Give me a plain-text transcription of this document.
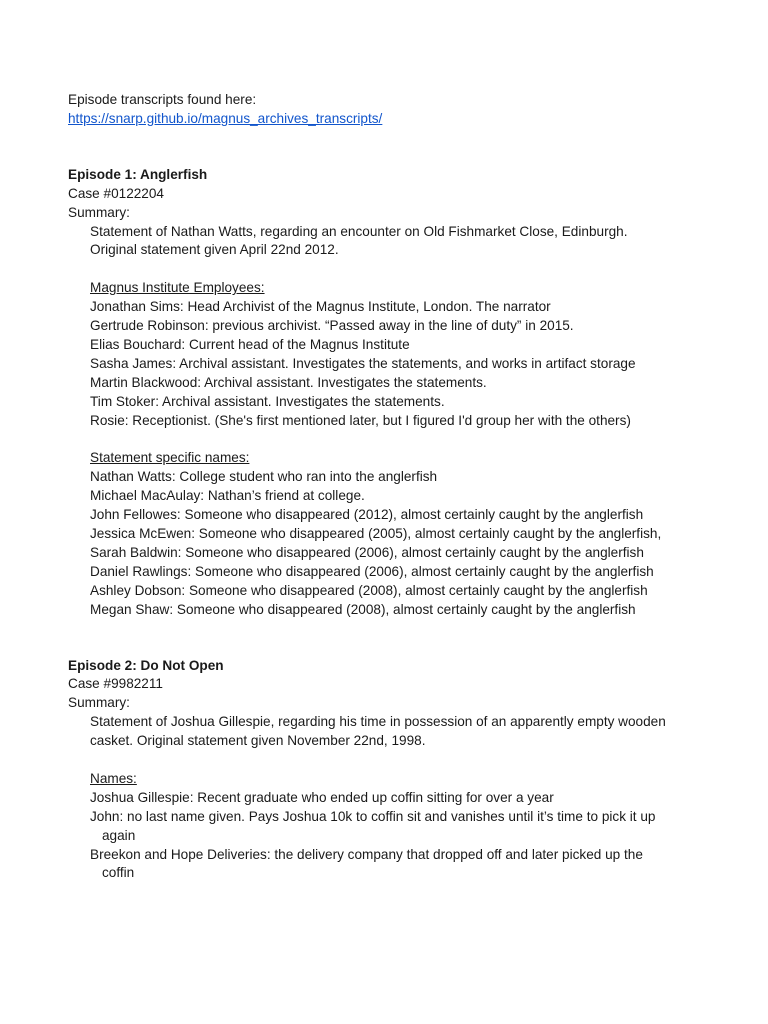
Episode transcripts found here:

https://snarp.github.io/magnus_archives_transcripts/

Episode 1: Anglerfish

Case #0122204

Summary:

Statement of Nathan Watts, regarding an encounter on Old Fishmarket Close, Edinburgh.

Original statement given April 22nd 2012.

Magnus Institute Employees:

Jonathan Sims: Head Archivist of the Magnus Institute, London. The narrator

Gertrude Robinson: previous archivist. “Passed away in the line of duty” in 2015.

Elias Bouchard: Current head of the Magnus Institute

Sasha James: Archival assistant. Investigates the statements, and works in artifact storage

Martin Blackwood: Archival assistant. Investigates the statements.

Tim Stoker: Archival assistant. Investigates the statements.

Rosie: Receptionist. (She's first mentioned later, but I figured I'd group her with the others)

Statement specific names:

Nathan Watts: College student who ran into the anglerfish

Michael MacAulay: Nathan’s friend at college.

John Fellowes: Someone who disappeared (2012), almost certainly caught by the anglerfish

Jessica McEwen: Someone who disappeared (2005), almost certainly caught by the anglerfish,

Sarah Baldwin: Someone who disappeared (2006), almost certainly caught by the anglerfish

Daniel Rawlings: Someone who disappeared (2006), almost certainly caught by the anglerfish

Ashley Dobson: Someone who disappeared (2008), almost certainly caught by the anglerfish

Megan Shaw: Someone who disappeared (2008), almost certainly caught by the anglerfish

Episode 2: Do Not Open

Case #9982211

Summary:

Statement of Joshua Gillespie, regarding his time in possession of an apparently empty wooden

casket. Original statement given November 22nd, 1998.

Names:

Joshua Gillespie: Recent graduate who ended up coffin sitting for over a year

John: no last name given. Pays Joshua 10k to coffin sit and vanishes until it’s time to pick it up again

Breekon and Hope Deliveries: the delivery company that dropped off and later picked up the coffin
